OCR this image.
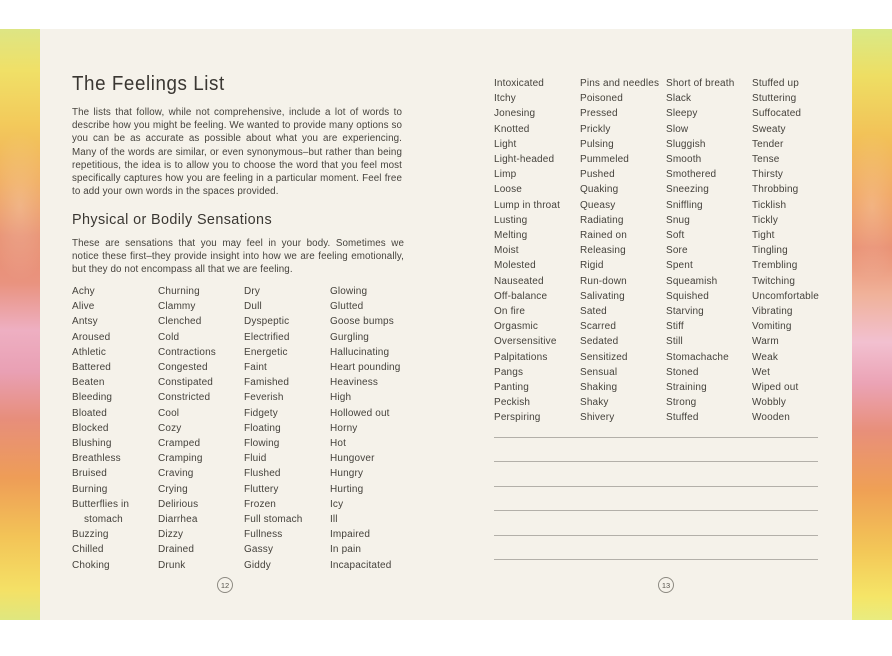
The Feelings List

The lists that follow, while not comprehensive, include a lot of words to describe how you might be feeling. We wanted to provide many options so you can be as accurate as possible about what you are experiencing. Many of the words are similar, or even synonymous–but rather than being repetitious, the idea is to allow you to choose the word that you feel most specifically captures how you are feeling in a particular moment. Feel free to add your own words in the spaces provided.

Physical or Bodily Sensations

These are sensations that you may feel in your body. Sometimes we notice these first–they provide insight into how we are feeling emotionally, but they do not encompass all that we are feeling.

Achy
Alive
Antsy
Aroused
Athletic
Battered
Beaten
Bleeding
Bloated
Blocked
Blushing
Breathless
Bruised
Burning
Butterflies in stomach
Buzzing
Chilled
Choking
Churning
Clammy
Clenched
Cold
Contractions
Congested
Constipated
Constricted
Cool
Cozy
Cramped
Cramping
Craving
Crying
Delirious
Diarrhea
Dizzy
Drained
Drunk
Dry
Dull
Dyspeptic
Electrified
Energetic
Faint
Famished
Feverish
Fidgety
Floating
Flowing
Fluid
Flushed
Fluttery
Frozen
Full stomach
Fullness
Gassy
Giddy
Glowing
Glutted
Goose bumps
Gurgling
Hallucinating
Heart pounding
Heaviness
High
Hollowed out
Horny
Hot
Hungover
Hungry
Hurting
Icy
Ill
Impaired
In pain
Incapacitated
12
Intoxicated
Itchy
Jonesing
Knotted
Light
Light-headed
Limp
Loose
Lump in throat
Lusting
Melting
Moist
Molested
Nauseated
Off-balance
On fire
Orgasmic
Oversensitive
Palpitations
Pangs
Panting
Peckish
Perspiring
Pins and needles
Poisoned
Pressed
Prickly
Pulsing
Pummeled
Pushed
Quaking
Queasy
Radiating
Rained on
Releasing
Rigid
Run-down
Salivating
Sated
Scarred
Sedated
Sensitized
Sensual
Shaking
Shaky
Shivery
Short of breath
Slack
Sleepy
Slow
Sluggish
Smooth
Smothered
Sneezing
Sniffling
Snug
Soft
Sore
Spent
Squeamish
Squished
Starving
Stiff
Still
Stomachache
Stoned
Straining
Strong
Stuffed
Stuffed up
Stuttering
Suffocated
Sweaty
Tender
Tense
Thirsty
Throbbing
Ticklish
Tickly
Tight
Tingling
Trembling
Twitching
Uncomfortable
Vibrating
Vomiting
Warm
Weak
Wet
Wiped out
Wobbly
Wooden
13
